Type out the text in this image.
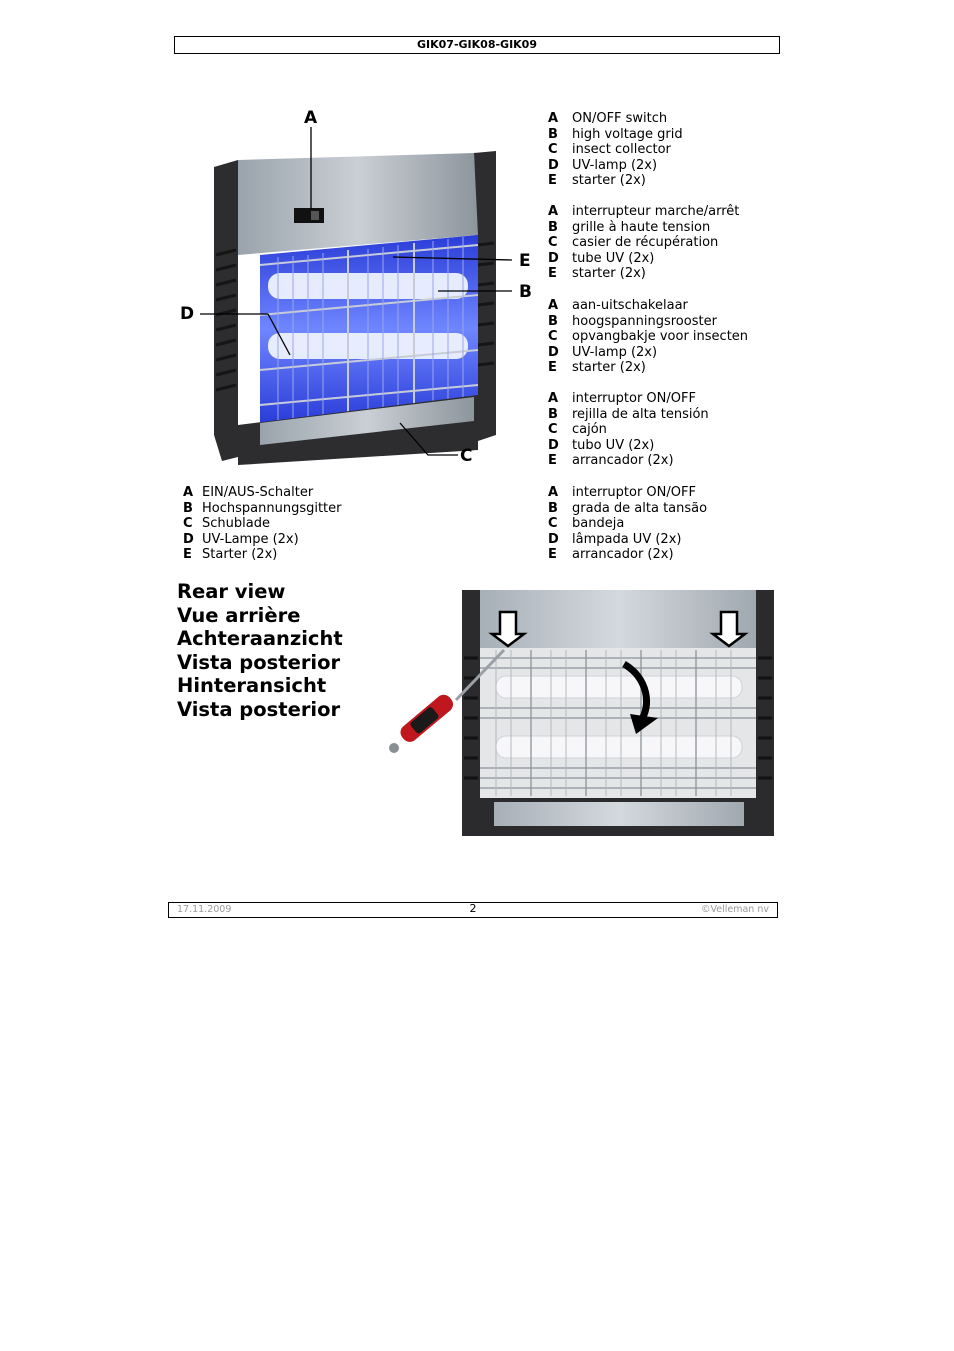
GIK07-GIK08-GIK09
A
B
C
D
E
A	ON/OFF switch
B	high voltage grid
C	insect collector
D	UV-lamp (2x)
E	starter (2x)
A	interrupteur marche/arrêt
B	grille à haute tension
C	casier de récupération
D	tube UV (2x)
E	starter (2x)
A	aan-uitschakelaar
B	hoogspanningsrooster
C	opvangbakje voor insecten
D	UV-lamp (2x)
E	starter (2x)
A	interruptor ON/OFF
B	rejilla de alta tensión
C	cajón
D	tubo UV (2x)
E	arrancador (2x)
A EIN/AUS-Schalter
B Hochspannungsgitter
C Schublade
D UV-Lampe (2x)
E Starter (2x)
A	interruptor ON/OFF
B	grada de alta tansão
C	bandeja
D	lâmpada UV (2x)
E	arrancador (2x)
Rear view
Vue arrière
Achteraanzicht
Vista posterior
Hinteransicht
Vista posterior
17.11.2009	2	©Velleman nv
